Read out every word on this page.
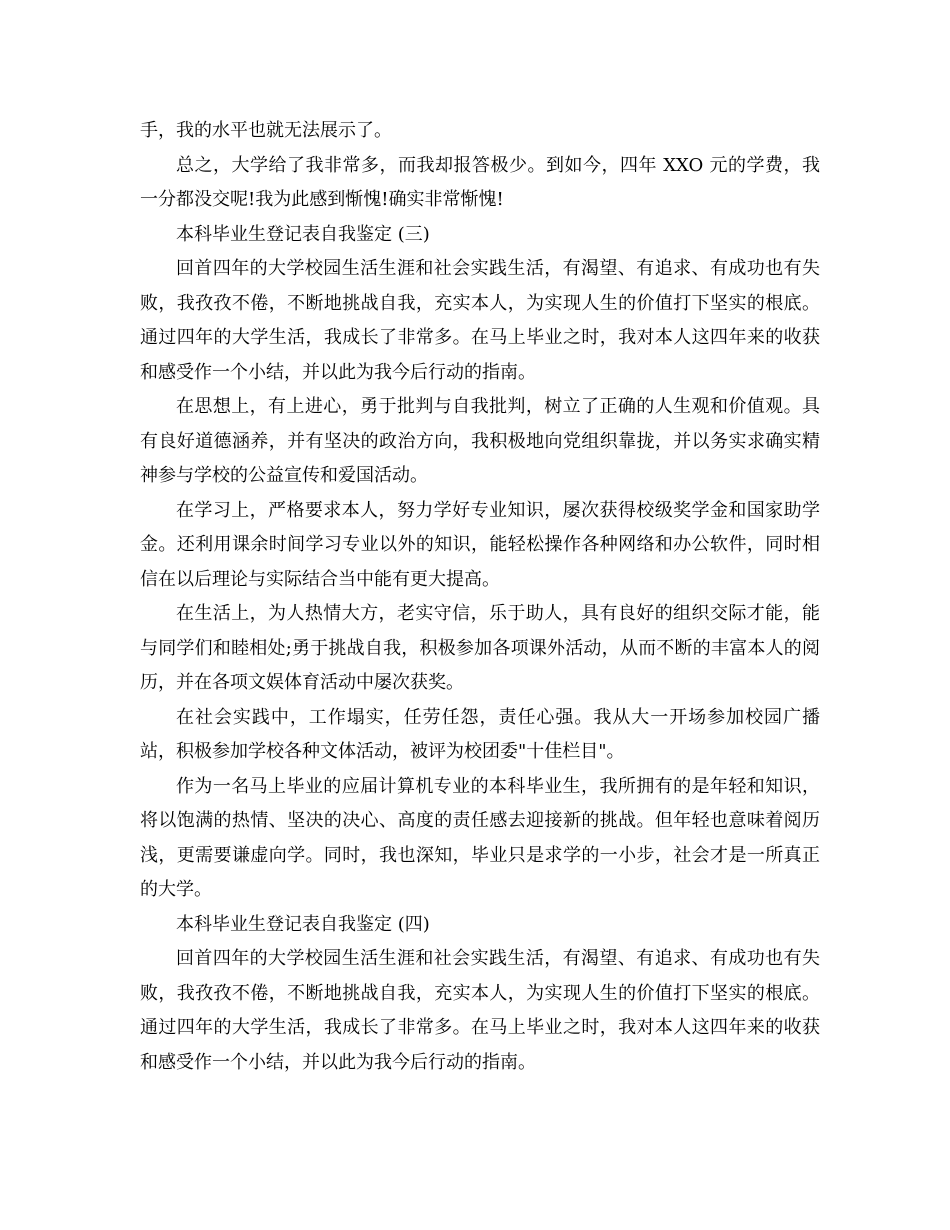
手，我的水平也就无法展示了。

总之，大学给了我非常多，而我却报答极少。到如今，四年 XXO 元的学费，我一分都没交呢!我为此感到惭愧!确实非常惭愧!

本科毕业生登记表自我鉴定 (三)

回首四年的大学校园生活生涯和社会实践生活，有渴望、有追求、有成功也有失败，我孜孜不倦，不断地挑战自我，充实本人，为实现人生的价值打下坚实的根底。通过四年的大学生活，我成长了非常多。在马上毕业之时，我对本人这四年来的收获和感受作一个小结，并以此为我今后行动的指南。

在思想上，有上进心，勇于批判与自我批判，树立了正确的人生观和价值观。具有良好道德涵养，并有坚决的政治方向，我积极地向党组织靠拢，并以务实求确实精神参与学校的公益宣传和爱国活动。

在学习上，严格要求本人，努力学好专业知识，屡次获得校级奖学金和国家助学金。还利用课余时间学习专业以外的知识，能轻松操作各种网络和办公软件，同时相信在以后理论与实际结合当中能有更大提高。

在生活上，为人热情大方，老实守信，乐于助人，具有良好的组织交际才能，能与同学们和睦相处;勇于挑战自我，积极参加各项课外活动，从而不断的丰富本人的阅历，并在各项文娱体育活动中屡次获奖。

在社会实践中，工作塌实，任劳任怨，责任心强。我从大一开场参加校园广播站，积极参加学校各种文体活动，被评为校团委"十佳栏目"。

作为一名马上毕业的应届计算机专业的本科毕业生，我所拥有的是年轻和知识，将以饱满的热情、坚决的决心、高度的责任感去迎接新的挑战。但年轻也意味着阅历浅，更需要谦虚向学。同时，我也深知，毕业只是求学的一小步，社会才是一所真正的大学。

本科毕业生登记表自我鉴定 (四)

回首四年的大学校园生活生涯和社会实践生活，有渴望、有追求、有成功也有失败，我孜孜不倦，不断地挑战自我，充实本人，为实现人生的价值打下坚实的根底。通过四年的大学生活，我成长了非常多。在马上毕业之时，我对本人这四年来的收获和感受作一个小结，并以此为我今后行动的指南。
